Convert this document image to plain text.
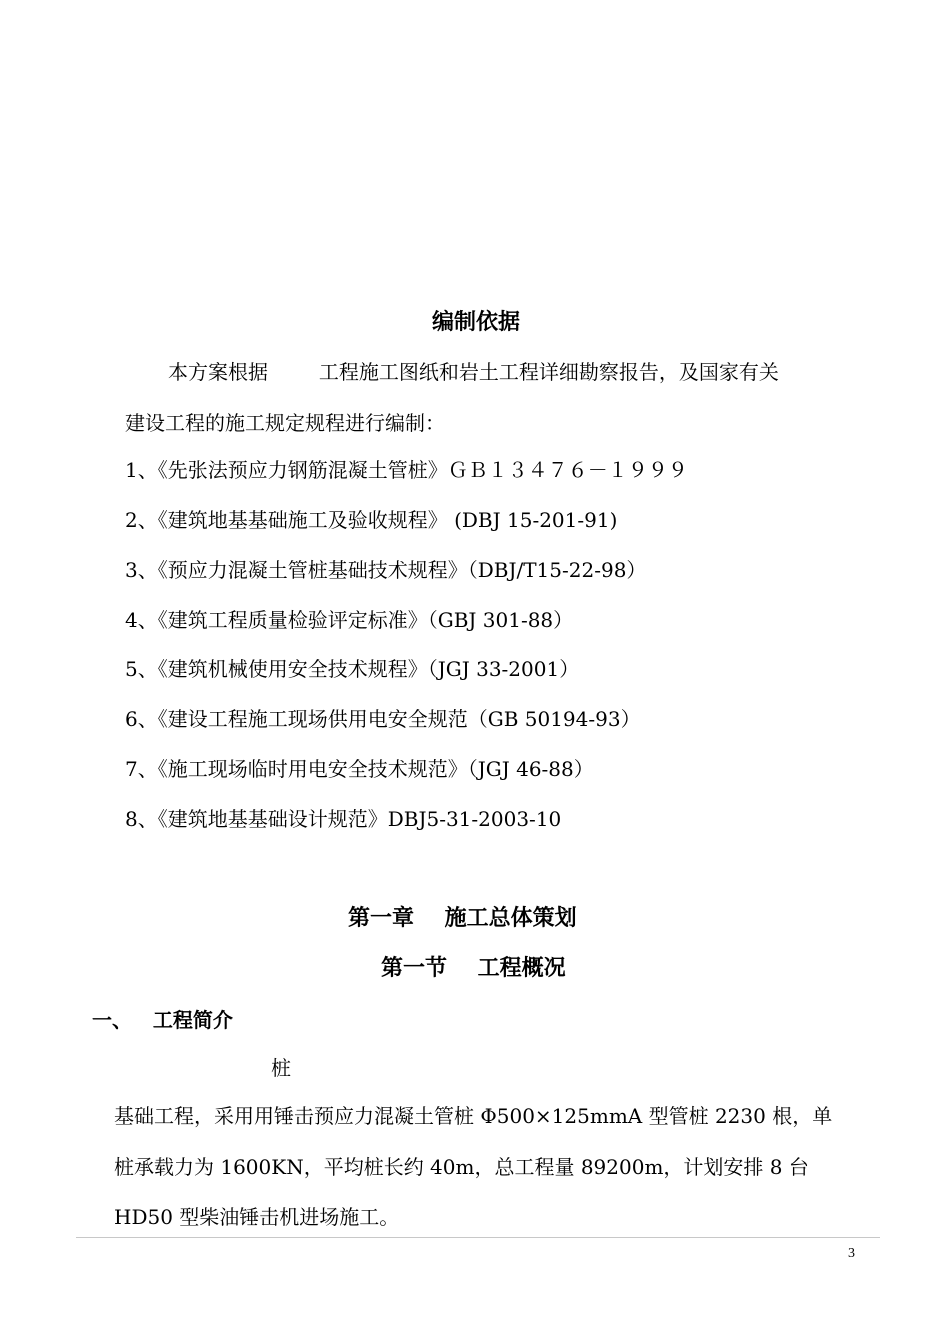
编制依据
本方案根据        工程施工图纸和岩土工程详细勘察报告，及国家有关
建设工程的施工规定规程进行编制：
1、《先张法预应力钢筋混凝土管桩》ＧＢ１３４７６－１９９９
2、《建筑地基基础施工及验收规程》 (DBJ 15-201-91)
3、《预应力混凝土管桩基础技术规程》（DBJ/T15-22-98）
4、《建筑工程质量检验评定标准》（GBJ 301-88）
5、《建筑机械使用安全技术规程》（JGJ 33-2001）
6、《建设工程施工现场供用电安全规范（GB 50194-93）
7、《施工现场临时用电安全技术规范》（JGJ 46-88）
8、《建筑地基基础设计规范》DBJ5-31-2003-10
第一章    施工总体策划
第一节    工程概况
一、   工程简介
桩
基础工程，采用用锤击预应力混凝土管桩 Φ500×125mmA 型管桩 2230 根，单
桩承载力为 1600KN，平均桩长约 40m，总工程量 89200m，计划安排 8 台
HD50 型柴油锤击机进场施工。
3
